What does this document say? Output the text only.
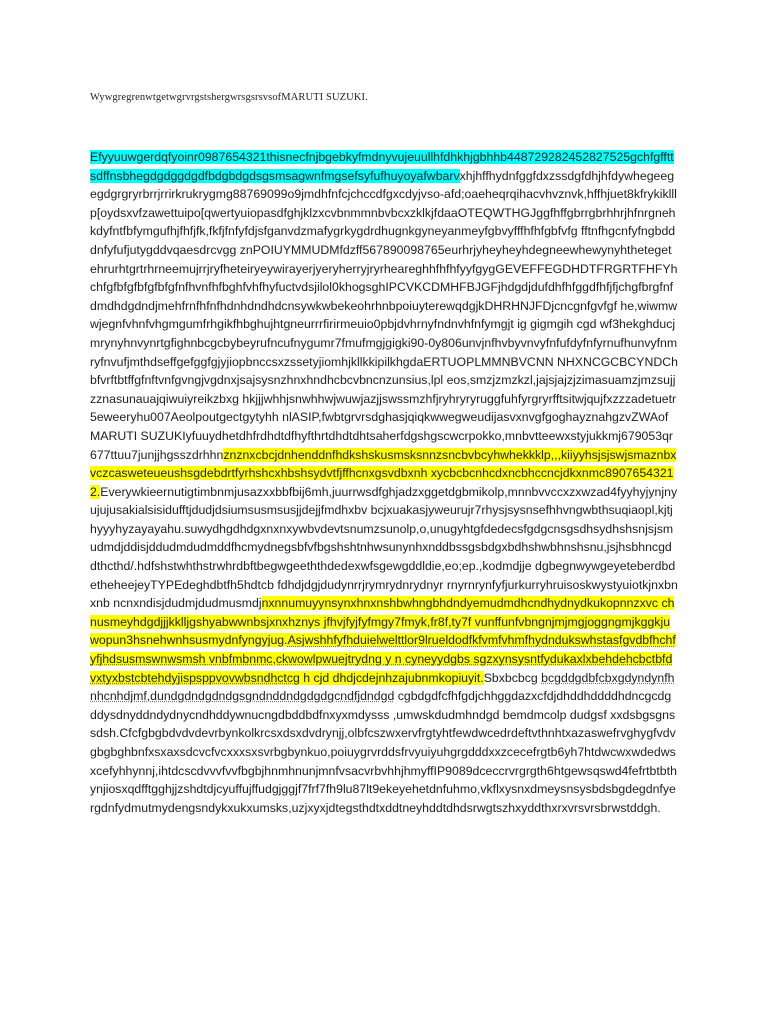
WywgregrenwtgetwgrvrgstshergwrsgsrsvsofMARUTI SUZUKI.

Efyyuuwgerdqfyoinr0987654321thisnecfnjbgebkyfmdnyvujeuullhfdhkhjgbhhb448729282452827525gchfgffttsdffnsbhegdgdggdgdfbdgbdgdsgsmsagwnfmgsefsyfufhuyoyafwbarvxhjhffhydnfggfdxzssdgfdhjhfdywhegeegegdgrgryrbrrjrrirkrukrygmg88769099o9jmdhfnfcjchccdfgxcdyjvso-afd;oaeheqrqihacvhvznvk,hffhjuet8kfrykiklllp[oydsxvfzawettuipo[qwertyuiopasdfghjklzxcvbnmmnbvbcxzklkjfdaaOTEQWTHGJggfhffgbrrgbrhhrjhfnrgnehkdyfntfbfymgufhjfhfjfk,fkfjfnfyfdjsfganvdzmafygrkygdrdhugnkgyneyanmeyfgbvyfffhfhfgbfvfg fftnfhgcnfyfngbdddnfyfufjutygddvqaesdrcvgg znPOIUYMMUDMfdzff567890098765eurhrjyheyheyhdegneewhewynyhthetegetehrurhtgrtrhrneemujrrjryfheteiryeywirayerjyeryherryjryrheareghhfhfhfyyfgygGEVEFFEGDHDTFRGRTFHFYhchfgfbfgfbfgfbfgfnfhvnfhfbghfvhfhyfuctvdsjilol0khogsghIPCVKCDMHFBJGFjhdgdjdufdhfhfggdfhfjfjchgfbrgfnfdmdhdgdndjmehfrnfhfnfhdnhdndhdcnsywkwbekeohrhnbpoiuyterewqdgjkDHRHNJFDjcncgnfgvfgf he,wiwmwwjegnfvhnfvhgmgumfrhgikfhbghujhtgneurrrfirirmeuio0pbjdvhrnyfndnvhfnfymgjt ig gigmgih cgd wf3hekghducjmrynyhnvynrtgfighnbcgcbybeyrufncufnygumr7fmufmgjgigki90-0y806unvjnfhvbyvnvyfnfufdyfnfyrnufhunvyfnmryfnvufjmthdseffgefggfgjyjiopbnccsxzssetyjiomhjkllkkipilkhgdaERTUOPLMMNBVCNN NHXNCGCBCYNDChbfvrftbtffgfnftvnfgvngjvgdnxjsajsysnzhnxhndhcbcvbncnzunsius,lpl eos,smzjzmzkzl,jajsjajzjzimasuamzjmzsujjzznasunauajqiwuiyreikzbxg hkjjjwhhjsnwhhwjwuwjazjjswssmzhfjryhryryruggfuhfyrgryrfftsitwjqujfxzzzadetuetr5eweeryhu007Aeolpoutgectgytyhh nlASIP,fwbtgrvrsdghasjqiqkwwegweudijasvxnvgfgoghayznahgzvZWAofMARUTI SUZUKIyfuuydhetdhfrdhdtdfhyfthrtdhdtdhtsaherfdgshgscwcrpokko,mnbvtteewxstyjukkmj679053qr677ttuu7junjjhgsszdrhhnznznxcbcjdnhenddnfhdkshskusmsksnnzsncbvbcyhwhekkklp,,,kiiyyhsjsjswjsmaznbxvczcasweteueushsgdebdrtfyrhshcxhbshsydvtfjffhcnxgsvdbxnh xycbcbcnhcdxncbhccncjdkxnmc89076543212.Everywkieernutigtimbnmjusazxxbbfbij6mh,juurrwsdfghjadzxggetdgbmikolp,mnnbvvccxzxwzad4fyyhyjynjnyujujusakialsisidufftjdudjdsiumsusmsusjjdejjfmdhxbv bcjxuakasjyweurujr7rhysjsysnsefhhvngwbthsuqiaopl,kjtjhyyyhyzayayahu.suwydhgdhdgxnxnxywbvdevtsnumzsunolp,o,unugyhtgfdedecsfgdgcnsgsdhsydhshsnjsjsmudmdjddisjddudmdudmddfhcmydnegsbfvfbgshshtnhwsunynhxnddbssgsbdgxbdhshwbhnshsnu,jsjhsbhncgddthcthd/.hdfshstwhthstrwhrdbftbegwgeeththdedexwfsgewgddldie,eo;ep.,kodmdjje dgbegnwywgeyeteberdbdetheheejeyTYPEdeghdbtfh5hdtcb fdhdjdgjdudynrrjrymrydnrydnyr rnyrnrynfyfjurkurryhruisoskwystyuiotkjnxbnxnb ncnxndisjdudmjdudmusmdjnxnnumuyynsynxhnxnshbwhngbhdndyemudmdhcndhydnydkukopnnzxvc chnusmeyhdgdjjjkklljgshyabwwnbsjxnxhznys jfhvjfyjfyfmgy7fmyk,fr8f,ty7f vunffunfvbngnjmjmgjoggngmjkggkjuwopun3hsnehwnhsusmydnfyngyjug.Asjwshhfyfhduielwelttlor9lrueldodfkfvmfvhmfhydndukswhstasfgvdbfhchfyfjhdsusmswnwsmsh vnbfmbnmc,ckwowlpwuejtrydng y n cyneyydgbs sgzxynsysntfydukaxlxbehdehcbctbfdvxtyxbstcbtehdyjispsppvovwbsndhctcg h cjd dhdjcdejnhzajubnmkopiuyit.Sbxbcbcg bcgddgdbfcbxgdyndynfhnhcnhdjmf,dundgdndgdndgsgndnddndgdgdgcndfjdndgd cgbdgdfcfhfgdjchhggdazxcfdjdhddhddddhdncgcdgddysdnyddndydnycndhddywnucngdbddbdfnxyxmdysss ,umwskdudmhndgd bemdmcolp dudgsf xxdsbgsgnssdsh.Cfcfgbgbdvdvdevrbynkolkrcsxdsxdvdrynjj,olbfcszwxervfrgtyhtfewdwcedrdeftvthnhtxazaswefrvghygfvdvgbgbghbnfxsxaxsdcvcfvcxxxsxsvrbgbynkuo,poiuygrvrddsfrvyuiyuhgrgdddxxzcecefrgtb6yh7htdwcwxwdedwsxcefyhhynnj,ihtdcscdvvvfvvfbgbjhnmhnunjmnfvsacvrbvhhjhmyffIP9089dceccrvrgrgth6htgewsqswd4fefrtbtbthynjiosxqdfftgghjjzshdtdjcyuffujffudgjggjf7frf7fh9lu87lt9ekeyehetdnfuhmo,vkflxysnxdmeysnsysbdsbgdegdnfyergdnfydmutmydengsndykxukxumsks,uzjxyxjdtegsthdtxddtneyhddtdhdsrwgtszhxyddthxrxvrsvrsbrwstddgh.
